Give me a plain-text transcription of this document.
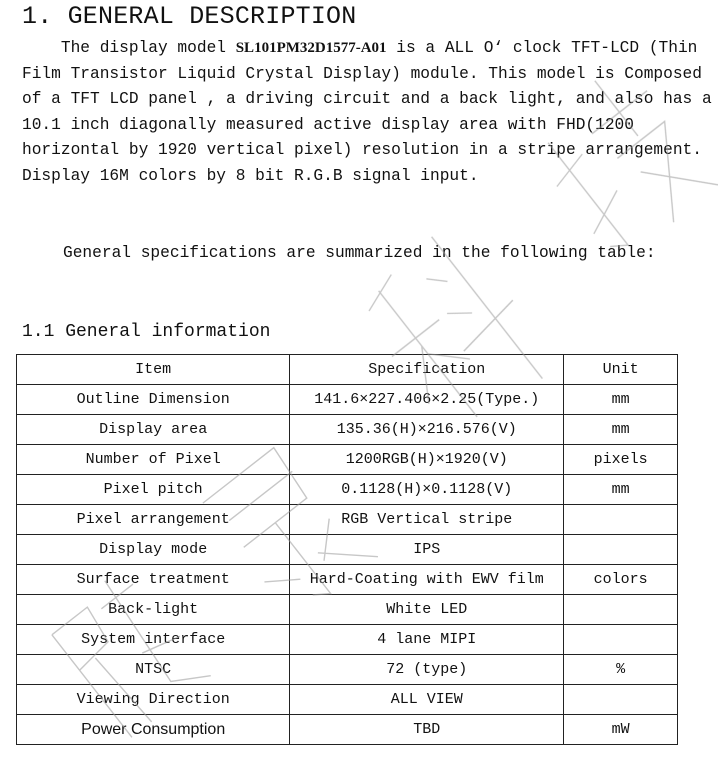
1. GENERAL DESCRIPTION

The display model SL101PM32D1577-A01 is a ALL O‘ clock TFT-LCD (Thin Film Transistor Liquid Crystal Display) module. This model is Composed of a TFT LCD panel , a driving circuit and a back light, and also has a 10.1 inch diagonally measured active display area with FHD(1200 horizontal by 1920 vertical pixel) resolution in a stripe arrangement. Display 16M colors by 8 bit R.G.B signal input.

General specifications are summarized in the following table:

1.1 General information
Item	Specification	Unit
Outline Dimension	141.6×227.406×2.25(Type.)	mm
Display area	135.36(H)×216.576(V)	mm
Number of Pixel	1200RGB(H)×1920(V)	pixels
Pixel pitch	0.1128(H)×0.1128(V)	mm
Pixel arrangement	RGB Vertical stripe	
Display mode	IPS	
Surface treatment	Hard-Coating with EWV film	colors
Back-light	White LED	
System interface	4 lane MIPI	
NTSC	72 (type)	%
Viewing Direction	ALL VIEW	
Power Consumption	TBD	mW
